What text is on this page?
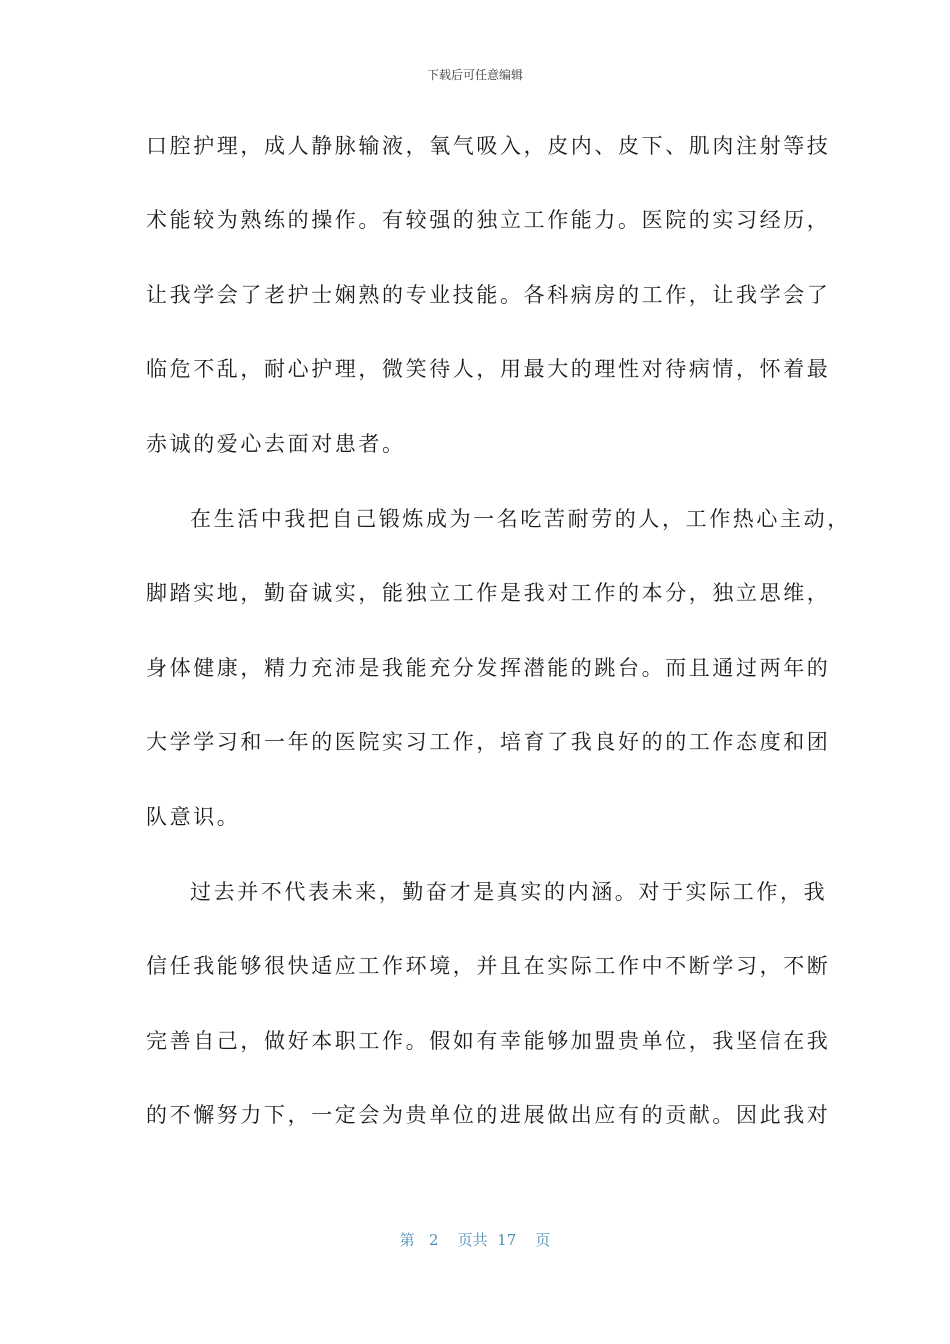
下载后可任意编辑
口腔护理，成人静脉输液，氧气吸入，皮内、皮下、肌肉注射等技
术能较为熟练的操作。有较强的独立工作能力。医院的实习经历，
让我学会了老护士娴熟的专业技能。各科病房的工作，让我学会了
临危不乱，耐心护理，微笑待人，用最大的理性对待病情，怀着最
赤诚的爱心去面对患者。
在生活中我把自己锻炼成为一名吃苦耐劳的人，工作热心主动，
脚踏实地，勤奋诚实，能独立工作是我对工作的本分，独立思维，
身体健康，精力充沛是我能充分发挥潜能的跳台。而且通过两年的
大学学习和一年的医院实习工作，培育了我良好的的工作态度和团
队意识。
过去并不代表未来，勤奋才是真实的内涵。对于实际工作，我
信任我能够很快适应工作环境，并且在实际工作中不断学习，不断
完善自己，做好本职工作。假如有幸能够加盟贵单位，我坚信在我
的不懈努力下，一定会为贵单位的进展做出应有的贡献。因此我对
第 2 页共 17 页
